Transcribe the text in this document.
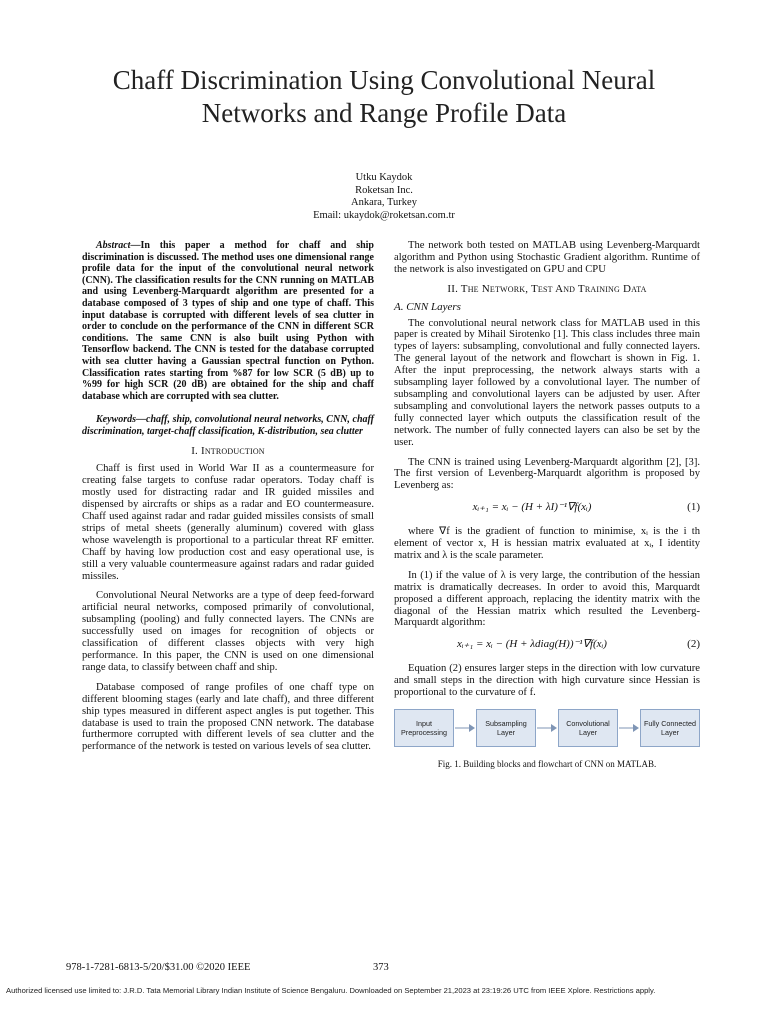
Chaff Discrimination Using Convolutional Neural Networks and Range Profile Data
Utku Kaydok
Roketsan Inc.
Ankara, Turkey
Email: ukaydok@roketsan.com.tr

Abstract—In this paper a method for chaff and ship discrimination is discussed. The method uses one dimensional range profile data for the input of the convolutional neural network (CNN). The classification results for the CNN running on MATLAB and using Levenberg-Marquardt algorithm are presented for a database composed of 3 types of ship and one type of chaff. This input database is corrupted with different levels of sea clutter in order to conclude on the performance of the CNN in different SCR conditions. The same CNN is also built using Python with Tensorflow backend. The CNN is tested for the database corrupted with sea clutter having a Gaussian spectral function on Python. Classification rates starting from %87 for low SCR (5 dB) up to %99 for high SCR (20 dB) are obtained for the ship and chaff database which are corrupted with sea clutter.

Keywords—chaff, ship, convolutional neural networks, CNN, chaff discrimination, target-chaff classification, K-distribution, sea clutter

I. Introduction

Chaff is first used in World War II as a countermeasure for creating false targets to confuse radar operators. Today chaff is mostly used for distracting radar and IR guided missiles and dispensed by aircrafts or ships as a radar and EO countermeasure. Chaff used against radar and radar guided missiles consists of small strips of metal sheets (generally aluminum) covered with glass whose wavelength is proportional to a particular threat RF emitter. Chaff by having low production cost and easy operational use, is still a very valuable countermeasure against radars and radar guided missiles.

Convolutional Neural Networks are a type of deep feed-forward artificial neural networks, composed primarily of convolutional, subsampling (pooling) and fully connected layers. The CNNs are successfully used on images for recognition of objects or classification of different classes objects with very high performance. In this paper, the CNN is used on one dimensional range data, to classify between chaff and ship.

Database composed of range profiles of one chaff type on different blooming stages (early and late chaff), and three different ship types measured in different aspect angles is put together. This database is used to train the proposed CNN network. The database furthermore corrupted with different levels of sea clutter and the performance of the network is tested on various levels of sea clutter.

The network both tested on MATLAB using Levenberg-Marquardt algorithm and Python using Stochastic Gradient algorithm. Runtime of the network is also investigated on GPU and CPU

II. The Network, Test And Training Data
A. CNN Layers

The convolutional neural network class for MATLAB used in this paper is created by Mihail Sirotenko [1]. This class includes three main types of layers: subsampling, convolutional and fully connected layers. The general layout of the network and flowchart is shown in Fig. 1. After the input preprocessing, the network always starts with a subsampling layer followed by a convolutional layer. The number of subsampling and convolutional layers can be adjusted by user. After subsampling and convolutional layers the network passes outputs to a fully connected layer which outputs the classification result of the network. The number of fully connected layers can also be set by the user.

The CNN is trained using Levenberg-Marquardt algorithm [2], [3]. The first version of Levenberg-Marquardt algorithm is proposed by Levenberg as:

xᵢ₊₁ = xᵢ − (H + λI)⁻¹∇f(xᵢ)	(1)

where ∇f is the gradient of function to minimise, xᵢ is the i th element of vector x, H is hessian matrix evaluated at xᵢ, I identity matrix and λ is the scale parameter.

In (1) if the value of λ is very large, the contribution of the hessian matrix is dramatically decreases. In order to avoid this, Marquardt proposed a different approach, replacing the identity matrix with the diagonal of the Hessian matrix which resulted the Levenberg-Marquardt algorithm:

xᵢ₊₁ = xᵢ − (H + λdiag(H))⁻¹∇f(xᵢ)	(2)

Equation (2) ensures larger steps in the direction with low curvature and small steps in the direction with high curvature since Hessian is proportional to the curvature of f.

Input Preprocessing
Subsampling Layer
Convolutional Layer
Fully Connected Layer
Fig. 1. Building blocks and flowchart of CNN on MATLAB.
978-1-7281-6813-5/20/$31.00 ©2020 IEEE	373
Authorized licensed use limited to: J.R.D. Tata Memorial Library Indian Institute of Science Bengaluru. Downloaded on September 21,2023 at 23:19:26 UTC from IEEE Xplore. Restrictions apply.
